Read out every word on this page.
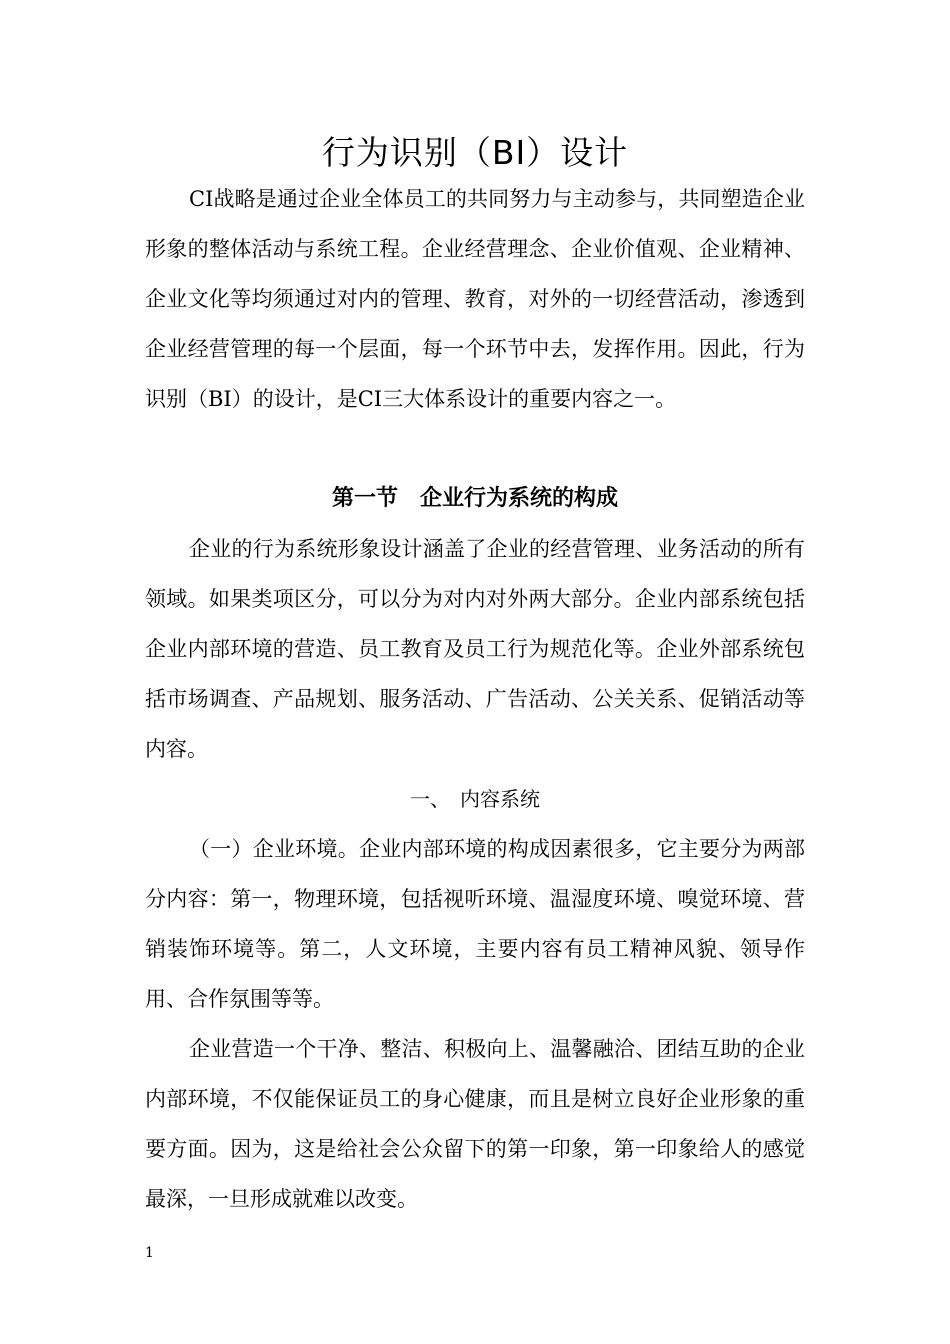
行为识别（BI）设计

CI战略是通过企业全体员工的共同努力与主动参与，共同塑造企业形象的整体活动与系统工程。企业经营理念、企业价值观、企业精神、企业文化等均须通过对内的管理、教育，对外的一切经营活动，渗透到企业经营管理的每一个层面，每一个环节中去，发挥作用。因此，行为识别（BI）的设计，是CI三大体系设计的重要内容之一。

第一节　企业行为系统的构成

企业的行为系统形象设计涵盖了企业的经营管理、业务活动的所有领域。如果类项区分，可以分为对内对外两大部分。企业内部系统包括企业内部环境的营造、员工教育及员工行为规范化等。企业外部系统包括市场调查、产品规划、服务活动、广告活动、公关关系、促销活动等内容。

一、　内容系统

（一）企业环境。企业内部环境的构成因素很多，它主要分为两部分内容：第一，物理环境，包括视听环境、温湿度环境、嗅觉环境、营销装饰环境等。第二，人文环境，主要内容有员工精神风貌、领导作用、合作氛围等等。

企业营造一个干净、整洁、积极向上、温馨融洽、团结互助的企业内部环境，不仅能保证员工的身心健康，而且是树立良好企业形象的重要方面。因为，这是给社会公众留下的第一印象，第一印象给人的感觉最深，一旦形成就难以改变。

1
